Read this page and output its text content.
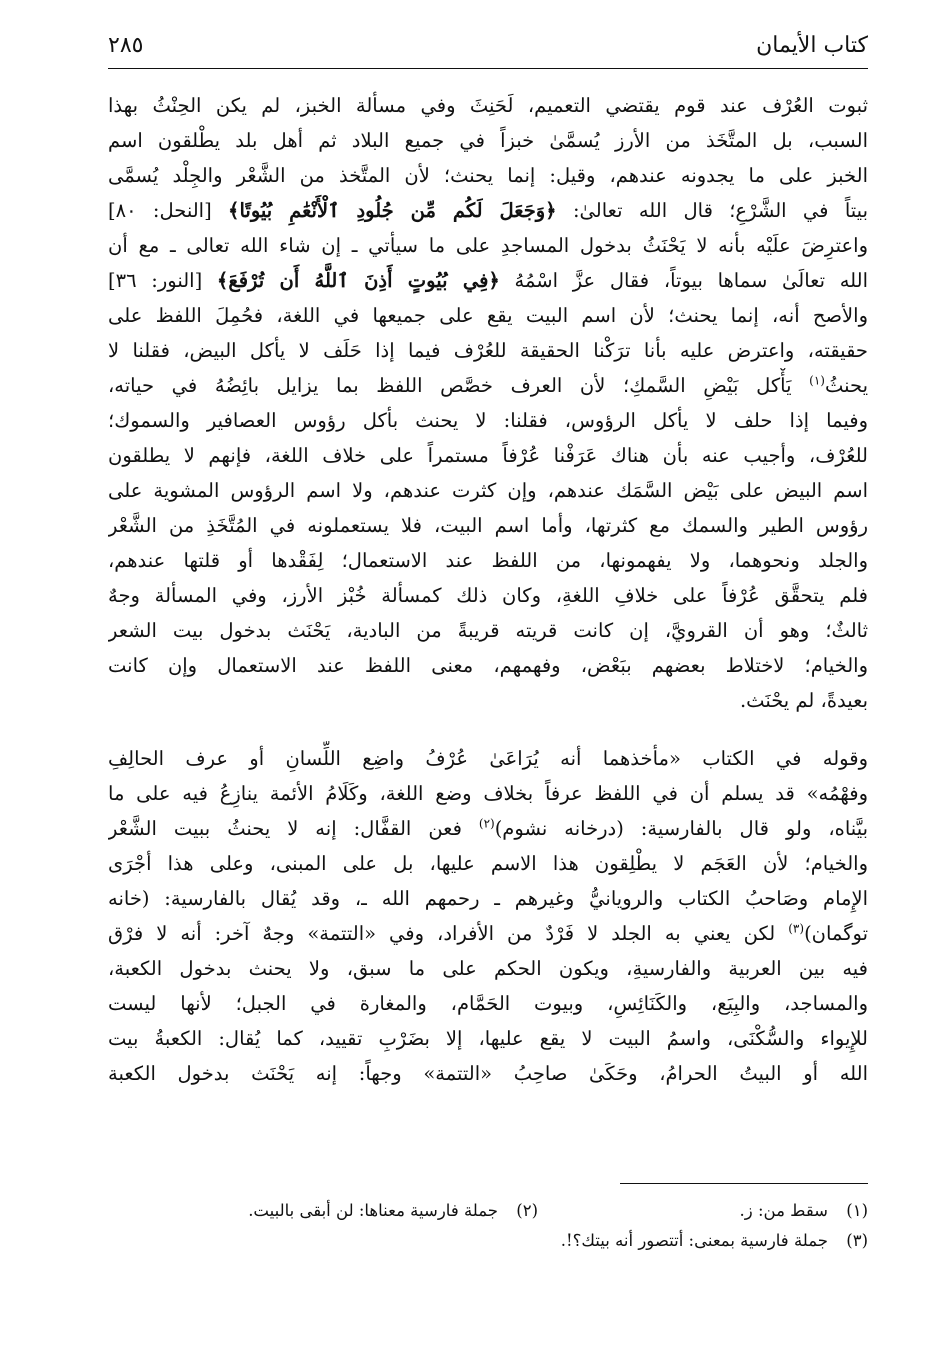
كتاب الأيمان
٢٨٥
ثبوت العُرْف عند قوم يقتضي التعميم، لَحَنِثَ وفي مسألة الخبز، لم يكن الحِنْثُ بهذا
السبب، بل المتَّخَذ من الأرز يُسمَّىٰ خبزاً في جميع البلاد ثم أهل بلد يطْلقون اسم
الخبز على ما يجدونه عندهم، وقيل: إنما يحنث؛ لأن المتَّخذ من الشَّعْر والجِلْد يُسمَّى
بيتاً في الشَّرْعِ؛ قال الله تعالىٰ: ﴿وَجَعَلَ لَكُم مِّن جُلُودِ ٱلْأَنْعَٰمِ بُيُوتًا﴾ [النحل: ٨٠]
واعترِضَ علَيْه بأنه لا يَحْنَثُ بدخول المساجدِ على ما سيأتي ـ إن شاء الله تعالى ـ مع أن
الله تعالَىٰ سماها بيوتاً، فقال عزَّ اسْمُهُ ﴿فِي بُيُوتٍ أَذِنَ ٱللَّهُ أَن تُرْفَعَ﴾ [النور: ٣٦]
والأصح أنه، إنما يحنث؛ لأن اسم البيت يقع على جميعها في اللغة، فحُمِلَ اللفظ على
حقيقته، واعترض عليه بأنا ترَكْنا الحقيقة للعُرْف فيما إذا حَلَف لا يأكل البيض، فقلنا لا
يحنثُ$^{(١)}$ يَأْكل بَيْضِ السَّمكِ؛ لأن العرف خصَّص اللفظ بما يزايل بائِضُهُ في حياته،
وفيما إذا حلف لا يأكل الرؤوس، فقلنا: لا يحنث بأكل رؤوس العصافير والسموك؛
للعُرْف، وأجيب عنه بأن هناك عَرَفْنا عُرْفاً مستمراً على خلاف اللغة، فإنهم لا يطلقون
اسم البيض على بَيْض السَّمَك عندهم، وإن كثرت عندهم، ولا اسم الرؤوس المشوية على
رؤوس الطير والسمك مع كثرتها، وأما اسم البيت، فلا يستعملونه في المُتَّخَذِ من الشَّعْر
والجلد ونحوهما، ولا يفهمونها، من اللفظ عند الاستعمال؛ لِفَقْدها أو قلتها عندهم،
فلم يتحقَّق عُرْفاً على خلافِ اللغةِ، وكان ذلك كمسألة خُبْز الأرز، وفي المسألة وجهٌ
ثالثٌ؛ وهو أن القرويَّ، إن كانت قريته قريبةً من البادية، يَحْنَث بدخول بيت الشعر
والخيام؛ لاختلاط بعضهم ببَعْض، وفهمهم، معنى اللفظ عند الاستعمال وإن كانت
بعيدةً، لم يحْنَث.
وقوله في الكتاب «مأخذهما أنه يُرَاعَىٰ عُرْفُ واضِع اللِّسانِ أو عرف الحالِفِ
وفهْمُه» قد يسلم أن في اللفظ عرفاً بخلاف وضع اللغة، وكَلَامُ الأئمة ينازِعُ فيه على ما
بيَّناه، ولو قال بالفارسية: (درخانه نشوم)$^{(٢)}$ فعن القفَّال: إنه لا يحنثُ ببيت الشَّعْر
والخيام؛ لأن العَجَم لا يطْلِقون هذا الاسم عليها، بل على المبنى، وعلى هذا أجْرَى
الإِمام وصَاحبُ الكتاب والرويانيُّ وغيرهم ـ رحمهم الله ـ، وقد يُقال بالفارسية: (خانه
توگمان)$^{(٣)}$ لكن يعني به الجلد لا فَرْدٌ من الأفراد، وفي «التتمة» وجهٌ آخر: أنه لا فرْق
فيه بين العربية والفارسيةِ، ويكون الحكم على ما سبق، ولا يحنث بدخول الكعبة،
والمساجد، والبِيَع، والكَنَائِسِ، وبيوت الحَمَّام، والمغارة في الجبل؛ لأنها ليست
للإِيواء والسُّكْنَى، واسمُ البيت لا يقع عليها، إلا بضَرْبِ تقييد، كما يُقال: الكعبةُ بيت
الله أو البيتُ الحرامُ، وحَكَىٰ صاحِبُ «التتمة» وجهاً: إنه يَحْنَث بدخول الكعبة
(١)سقط من: ز.
(٢)جملة فارسية معناها: لن أبقى بالبيت.
(٣)جملة فارسية بمعنى: أتتصور أنه بيتك؟!.
